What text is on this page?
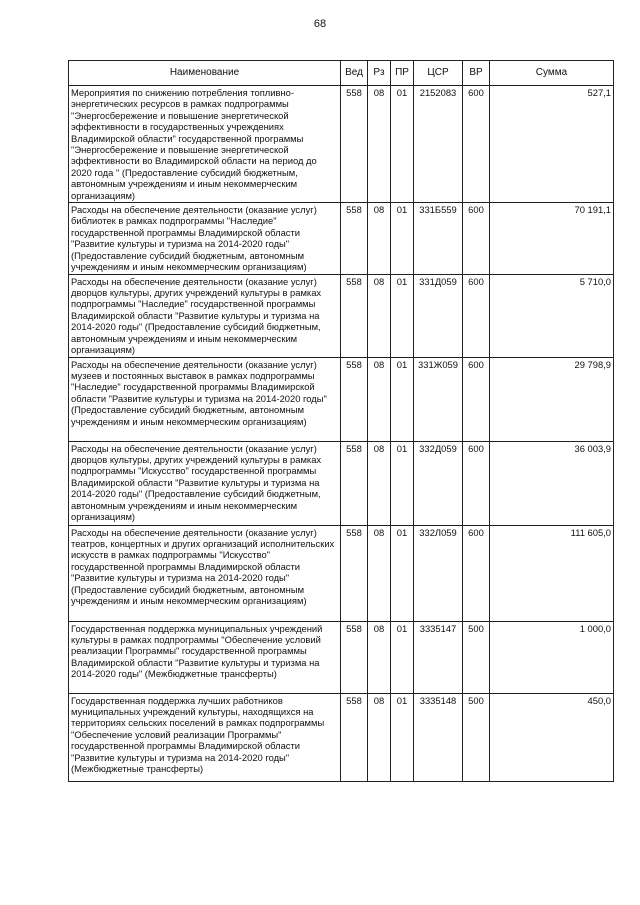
68
Наименование	Вед	Рз	ПР	ЦСР	ВР	Сумма
Мероприятия по снижению потребления топливно-энергетических ресурсов в рамках подпрограммы "Энергосбережение и повышение энергетической эффективности в государственных учреждениях Владимирской области" государственной программы "Энергосбережение и повышение энергетической эффективности во Владимирской области на период до 2020 года " (Предоставление субсидий бюджетным, автономным учреждениям и иным некоммерческим организациям)	558	08	01	2152083	600	527,1
Расходы на обеспечение деятельности (оказание услуг) библиотек в рамках подпрограммы "Наследие" государственной программы Владимирской области "Развитие культуры и туризма на 2014-2020 годы" (Предоставление субсидий бюджетным, автономным учреждениям и иным некоммерческим организациям)	558	08	01	331Б559	600	70 191,1
Расходы на обеспечение деятельности (оказание услуг) дворцов культуры, других учреждений культуры в рамках подпрограммы "Наследие" государственной программы Владимирской области "Развитие культуры и туризма на 2014-2020 годы" (Предоставление субсидий бюджетным, автономным учреждениям и иным некоммерческим организациям)	558	08	01	331Д059	600	5 710,0
Расходы на обеспечение деятельности (оказание услуг) музеев и постоянных выставок в рамках подпрограммы "Наследие" государственной программы Владимирской области "Развитие культуры и туризма на 2014-2020 годы" (Предоставление субсидий бюджетным, автономным учреждениям и иным некоммерческим организациям)	558	08	01	331Ж059	600	29 798,9
Расходы на обеспечение деятельности (оказание услуг) дворцов культуры, других учреждений культуры в рамках подпрограммы "Искусство" государственной программы Владимирской области "Развитие культуры и туризма на 2014-2020 годы" (Предоставление субсидий бюджетным, автономным учреждениям и иным некоммерческим организациям)	558	08	01	332Д059	600	36 003,9
Расходы на обеспечение деятельности (оказание услуг) театров, концертных и других организаций исполнительских искусств в рамках подпрограммы "Искусство" государственной программы Владимирской области "Развитие культуры и туризма на 2014-2020 годы" (Предоставление субсидий бюджетным, автономным учреждениям и иным некоммерческим организациям)	558	08	01	332Л059	600	111 605,0
Государственная поддержка муниципальных учреждений культуры в рамках подпрограммы "Обеспечение условий реализации Программы" государственной программы Владимирской области "Развитие культуры и туризма на 2014-2020 годы" (Межбюджетные трансферты)	558	08	01	3335147	500	1 000,0
Государственная поддержка лучших работников муниципальных учреждений культуры, находящихся на территориях сельских поселений в рамках подпрограммы "Обеспечение условий реализации Программы" государственной программы Владимирской области "Развитие культуры и туризма на 2014-2020 годы" (Межбюджетные трансферты)	558	08	01	3335148	500	450,0
